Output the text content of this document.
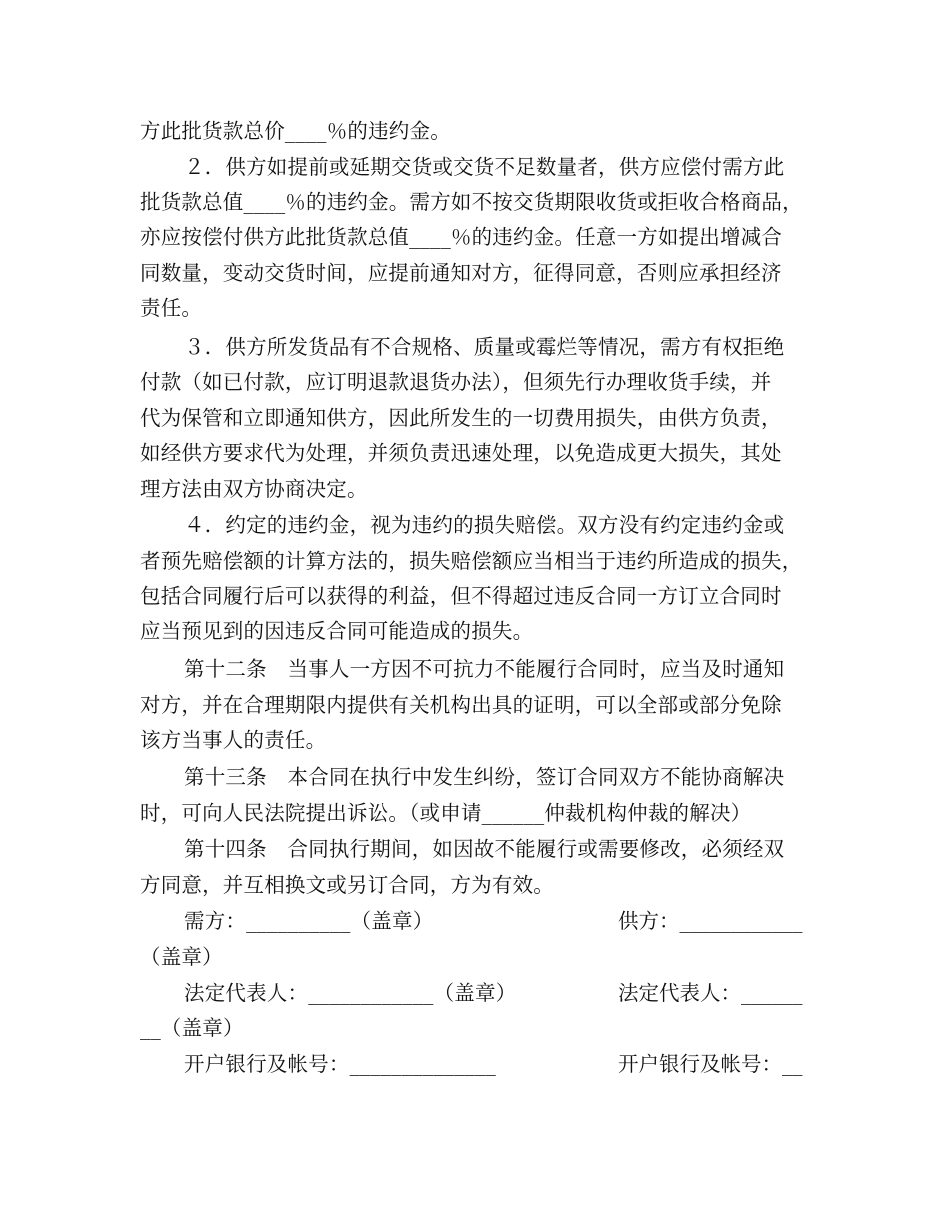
方此批货款总价____％的违约金。
２．供方如提前或延期交货或交货不足数量者，供方应偿付需方此
批货款总值____％的违约金。需方如不按交货期限收货或拒收合格商品，
亦应按偿付供方此批货款总值____％的违约金。任意一方如提出增减合
同数量，变动交货时间，应提前通知对方，征得同意，否则应承担经济
责任。
３．供方所发货品有不合规格、质量或霉烂等情况，需方有权拒绝
付款（如已付款，应订明退款退货办法），但须先行办理收货手续，并
代为保管和立即通知供方，因此所发生的一切费用损失，由供方负责，
如经供方要求代为处理，并须负责迅速处理，以免造成更大损失，其处
理方法由双方协商决定。
４．约定的违约金，视为违约的损失赔偿。双方没有约定违约金或
者预先赔偿额的计算方法的，损失赔偿额应当相当于违约所造成的损失，
包括合同履行后可以获得的利益，但不得超过违反合同一方订立合同时
应当预见到的因违反合同可能造成的损失。
第十二条　当事人一方因不可抗力不能履行合同时，应当及时通知
对方，并在合理期限内提供有关机构出具的证明，可以全部或部分免除
该方当事人的责任。
第十三条　本合同在执行中发生纠纷，签订合同双方不能协商解决
时，可向人民法院提出诉讼。（或申请______仲裁机构仲裁的解决）
第十四条　合同执行期间，如因故不能履行或需要修改，必须经双
方同意，并互相换文或另订合同，方为有效。
需方：__________（盖章）	供方：____________
（盖章）
法定代表人：____________（盖章）	法定代表人：______
__（盖章）
开户银行及帐号：______________	开户银行及帐号：__
